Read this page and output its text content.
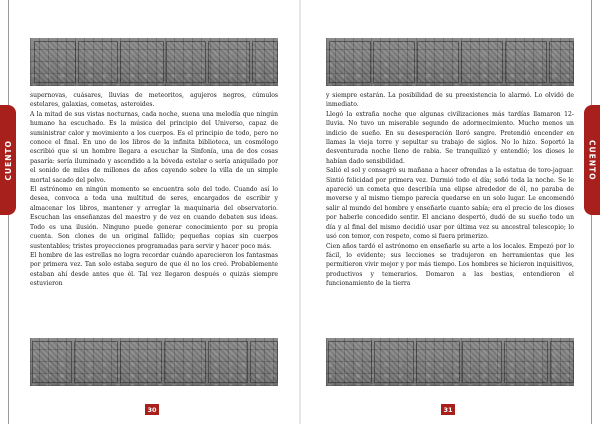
CUENTO	CUENTO

supernovas, cuásares, lluvias de meteoritos, agujeros negros, cúmulos estelares, galaxias, cometas, asteroides.

A la mitad de sus vistas nocturnas, cada noche, suena una melodía que ningún humano ha escuchado. Es la música del principio del Universo, capaz de suministrar calor y movimiento a los cuerpos. Es el principio de todo, pero no conoce el final. En uno de los libros de la infinita biblioteca, un cosmólogo escribió que si un hombre llegara a escuchar la Sinfonía, una de dos cosas pasaría: sería iluminado y ascendido a la bóveda estelar o sería aniquilado por el sonido de miles de millones de años cayendo sobre la villa de un simple mortal sacado del polvo.

El astrónomo en ningún momento se encuentra solo del todo. Cuando así lo desea, convoca a toda una multitud de seres, encargados de escribir y almacenar los libros, mantener y arreglar la maquinaria del observatorio. Escuchan las enseñanzas del maestro y de vez en cuando debaten sus ideas. Todo es una ilusión. Ninguno puede generar conocimiento por su propia cuenta. Son clones de un original fallido; pequeñas copias sin cuerpos sustentables; tristes proyecciones programadas para servir y hacer poco más.

El hombre de las estrellas no logra recordar cuándo aparecieron los fantasmas por primera vez. Tan solo estaba seguro de que él no los creó. Probablemente estaban ahí desde antes que él. Tal vez llegaron después o quizás siempre estuvieron

y siempre estarán. La posibilidad de su preexistencia lo alarmó. Lo olvidó de inmediato.

Llegó la extraña noche que algunas civilizaciones más tardías llamaron 12-lluvia. No tuvo un miserable segundo de adormecimiento. Mucho menos un indicio de sueño. En su desesperación lloró sangre. Pretendió encender en llamas la vieja torre y sepultar su trabajo de siglos. No lo hizo. Soportó la desventurada noche lleno de rabia. Se tranquilizó y entendió; los dioses le habían dado sensibilidad.

Salió el sol y consagró su mañana a hacer ofrendas a la estatua de toro-jaguar. Sintió felicidad por primera vez. Durmió todo el día; soñó toda la noche. Se le apareció un cometa que describía una elipse alrededor de él, no paraba de moverse y al mismo tiempo parecía quedarse en un solo lugar. Le encomendó salir al mundo del hombre y enseñarle cuanto sabía; era el precio de los dioses por haberle concedido sentir. El anciano despertó, dudó de su sueño todo un día y al final del mismo decidió usar por última vez su ancestral telescopio; lo usó con temor, con respeto, como si fuera primerizo.

Cien años tardó el astrónomo en enseñarle su arte a los locales. Empezó por lo fácil, lo evidente; sus lecciones se tradujeron en herramientas que les permitieron vivir mejor y por más tiempo. Los hombres se hicieron inquisitivos, productivos y temerarios. Domaron a las bestias, entendieron el funcionamiento de la tierra

30	31
